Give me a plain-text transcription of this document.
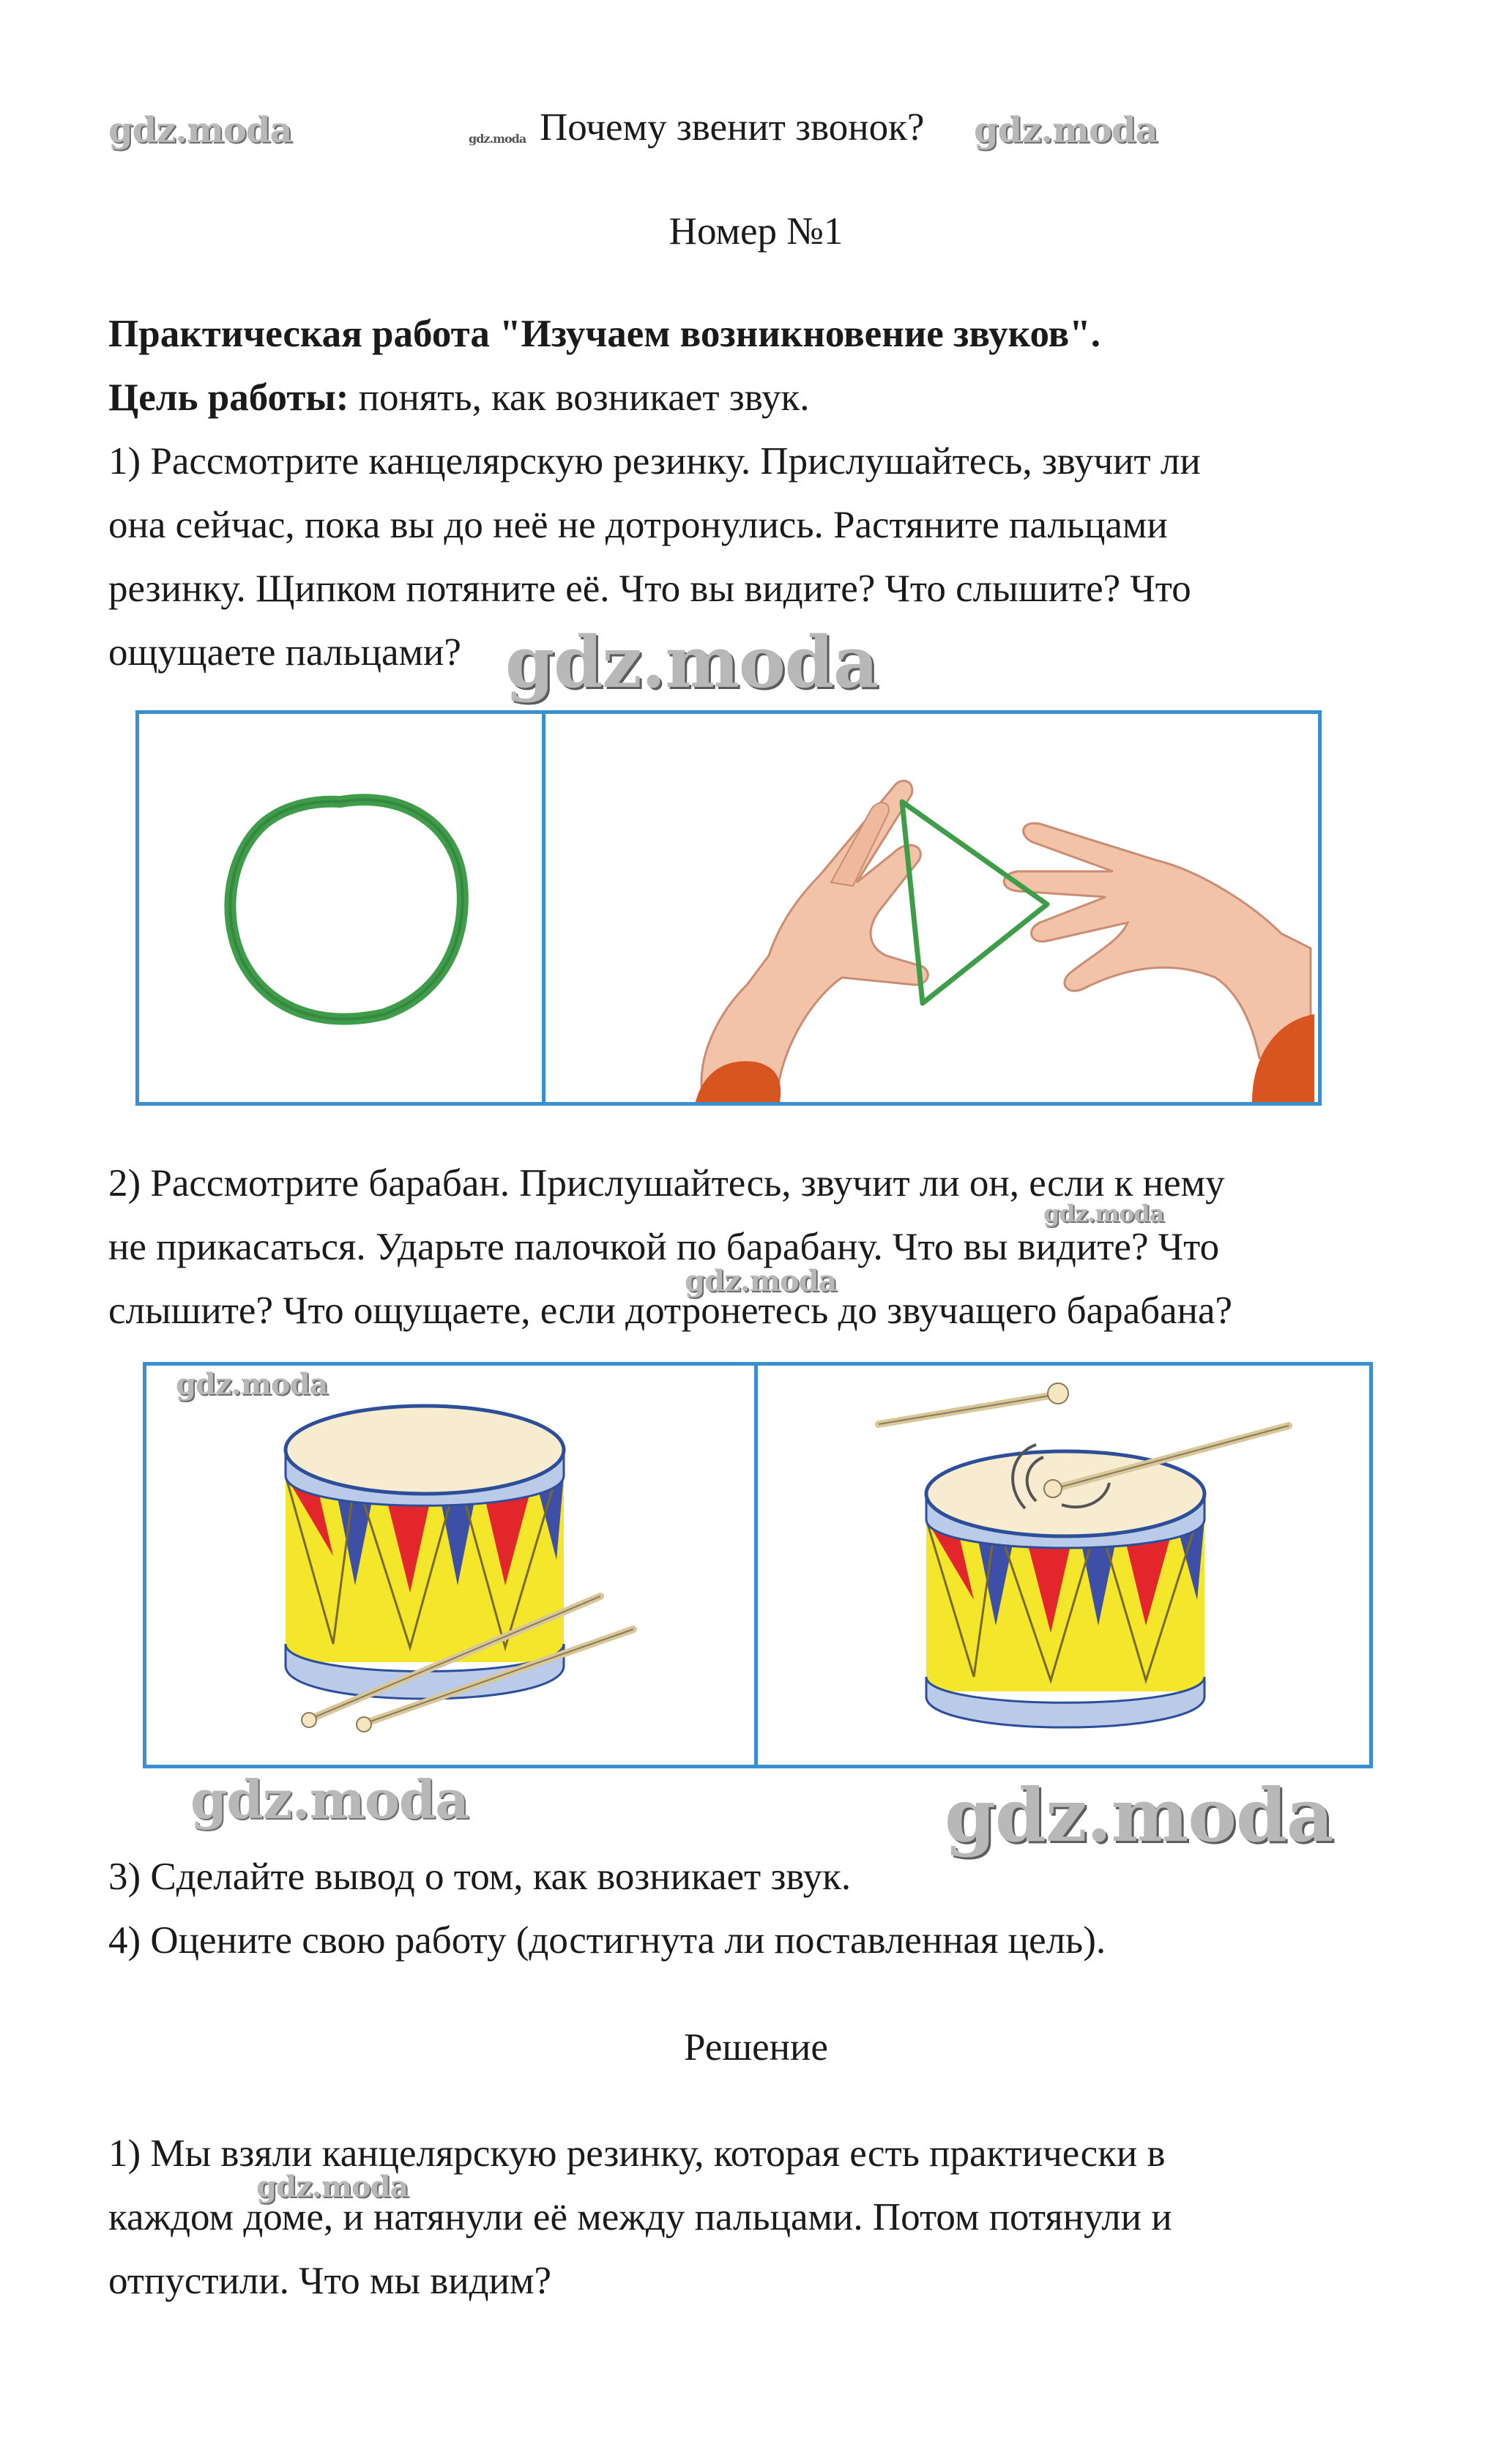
gdz.moda	gdz.moda Почему звенит звонок? gdz.moda
Номер №1
Практическая работа "Изучаем возникновение звуков".
Цель работы: понять, как возникает звук.
1) Рассмотрите канцелярскую резинку. Прислушайтесь, звучит ли
она сейчас, пока вы до неё не дотронулись. Растяните пальцами
резинку. Щипком потяните её. Что вы видите? Что слышите? Что
ощущаете пальцами? gdz.moda
2) Рассмотрите барабан. Прислушайтесь, звучит ли он, если к нему
gdz.moda
не прикасаться. Ударьте палочкой по барабану. Что вы видите? Что
gdz.moda
слышите? Что ощущаете, если дотронетесь до звучащего барабана?
gdz.moda
gdz.moda	gdz.moda
3) Сделайте вывод о том, как возникает звук.
4) Оцените свою работу (достигнута ли поставленная цель).
Решение
1) Мы взяли канцелярскую резинку, которая есть практически в
gdz.moda
каждом доме, и натянули её между пальцами. Потом потянули и
отпустили. Что мы видим?
